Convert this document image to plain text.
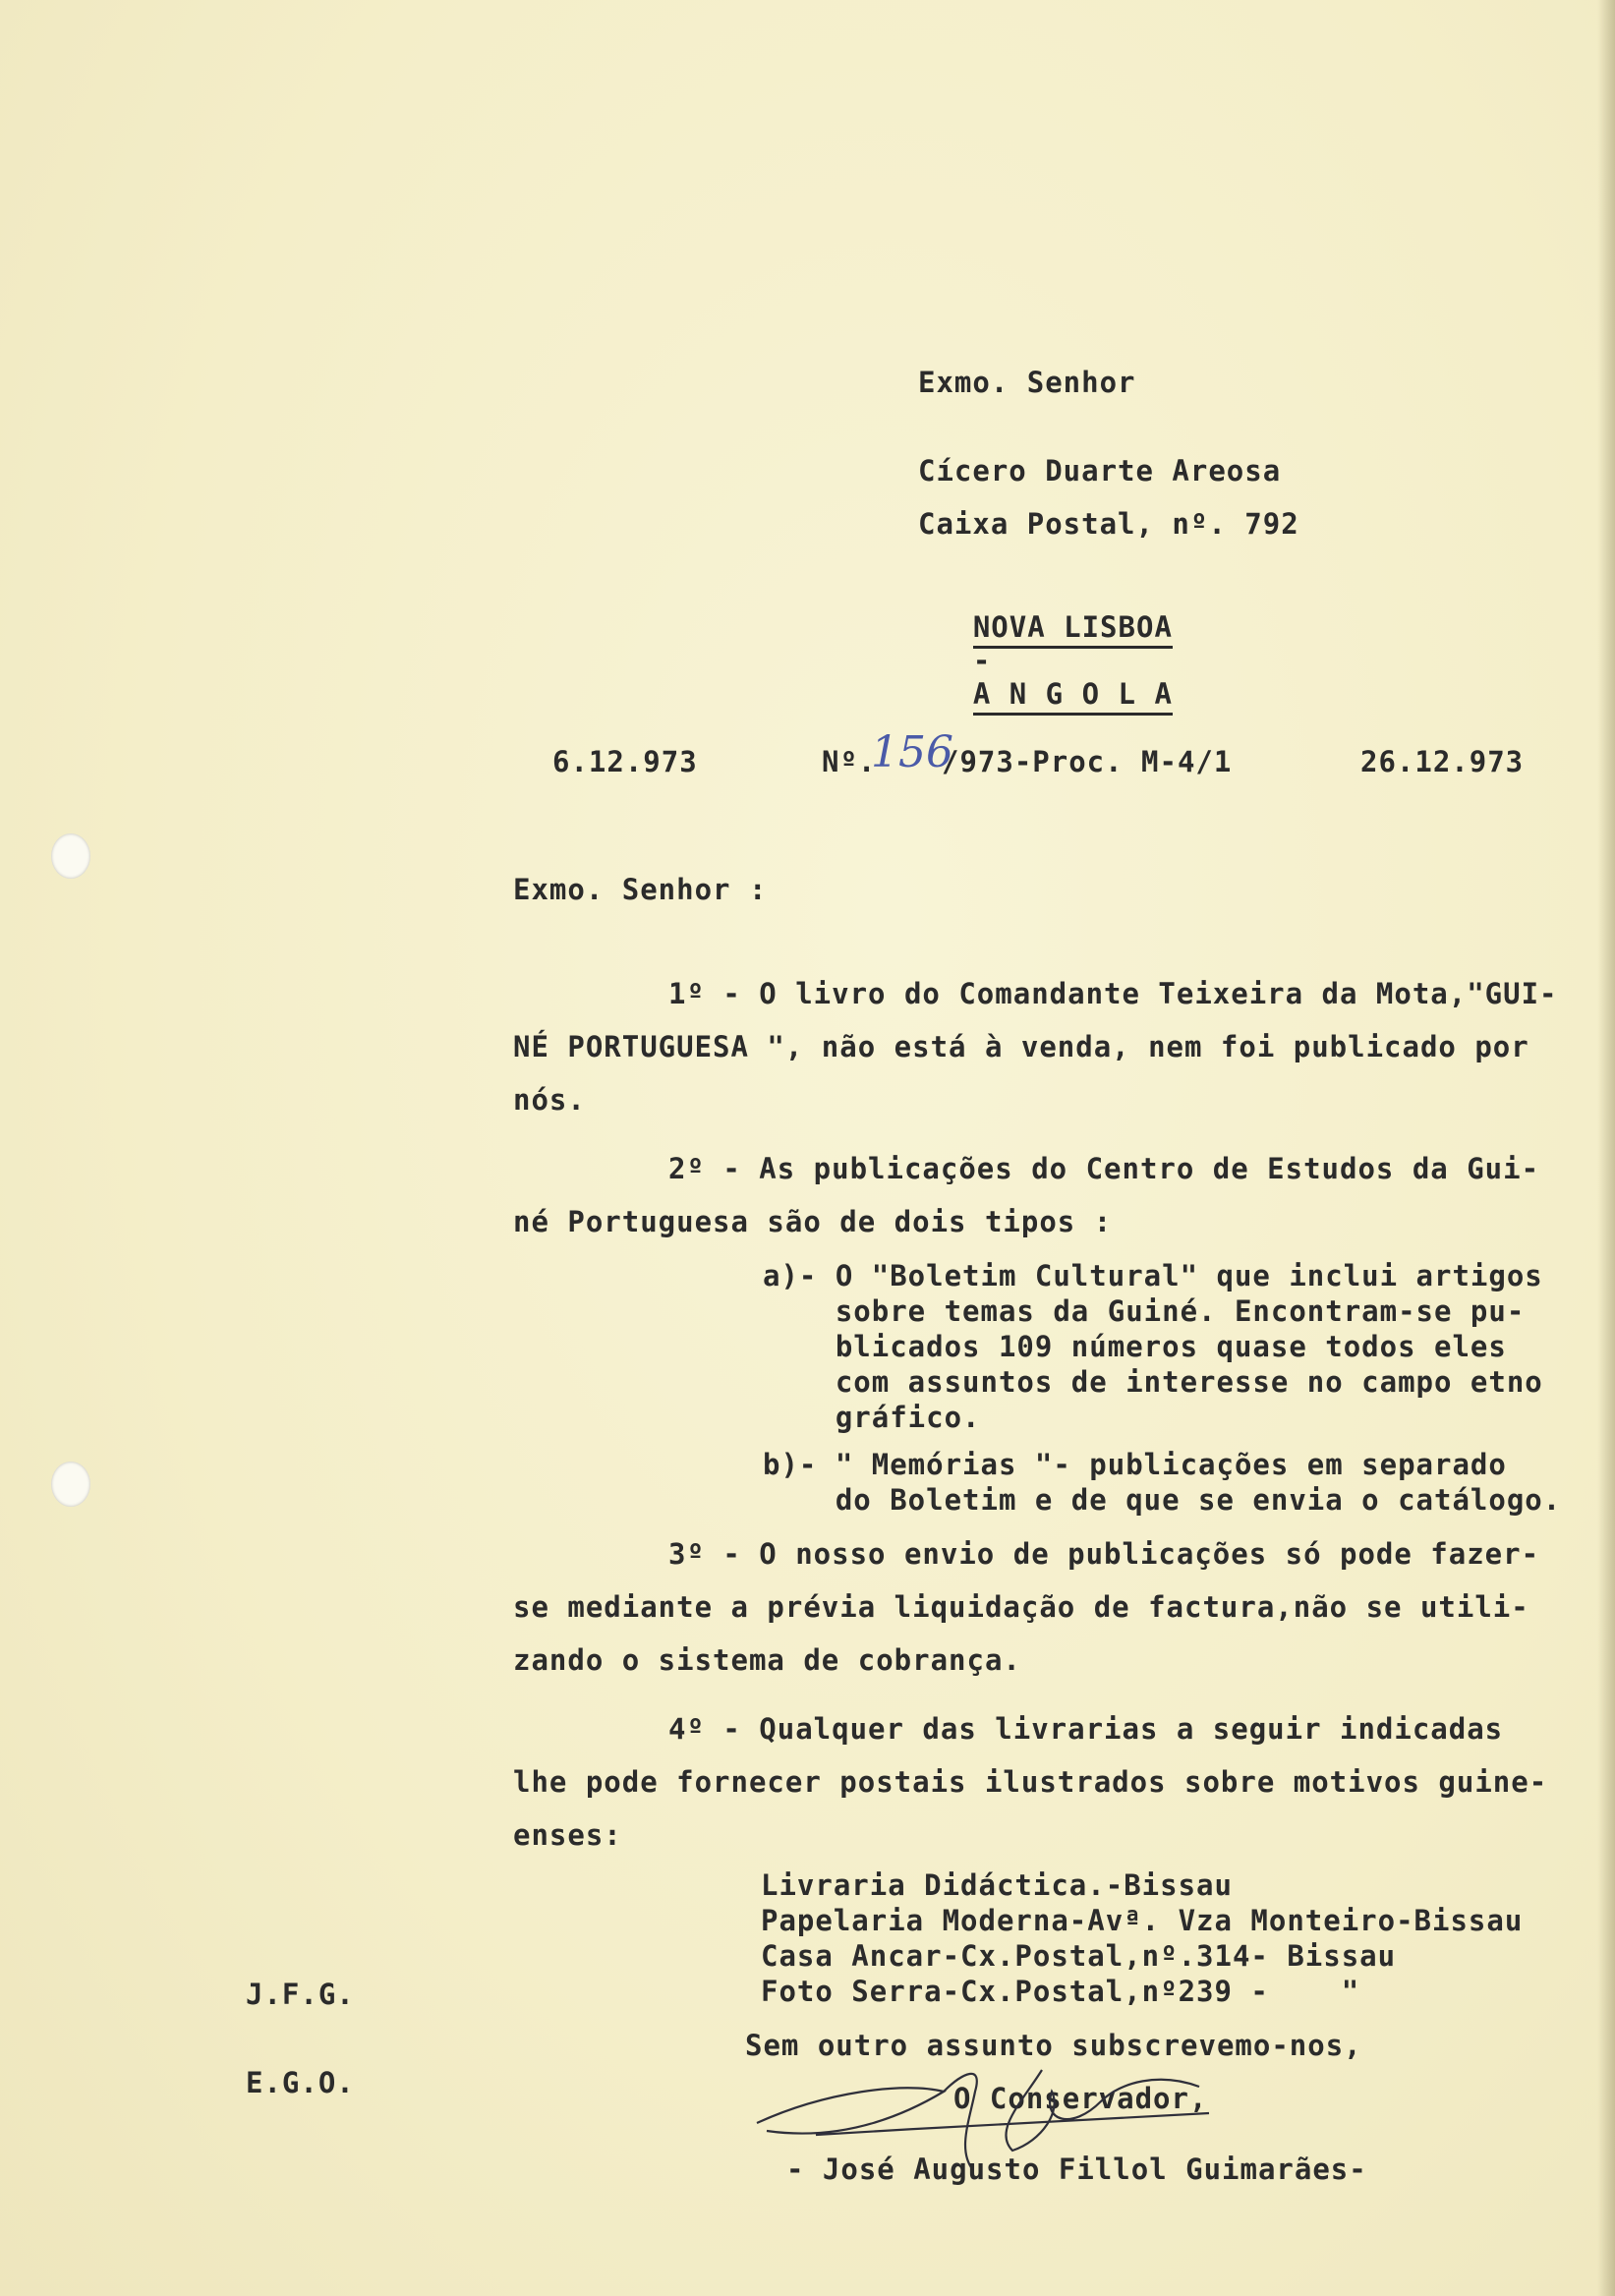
Exmo. Senhor
Cícero Duarte Areosa
Caixa Postal, nº. 792

NOVA LISBOA
-
A N G O L A

6.12.973	Nº.
156
/973-Proc. M-4/1	26.12.973
Exmo. Senhor :
1º - O livro do Comandante Teixeira da Mota,"GUI-
NÉ PORTUGUESA ", não está à venda, nem foi publicado por
nós.
2º - As publicações do Centro de Estudos da Gui-
né Portuguesa são de dois tipos :
a)- O "Boletim Cultural" que inclui artigos
sobre temas da Guiné. Encontram-se pu-
blicados 109 números quase todos eles
com assuntos de interesse no campo etno
gráfico.
b)- " Memórias "- publicações em separado
do Boletim e de que se envia o catálogo.
3º - O nosso envio de publicações só pode fazer-
se mediante a prévia liquidação de factura,não se utili-
zando o sistema de cobrança.
4º - Qualquer das livrarias a seguir indicadas
lhe pode fornecer postais ilustrados sobre motivos guine-
enses:
Livraria Didáctica.-Bissau
Papelaria Moderna-Avª. Vza Monteiro-Bissau
Casa Ancar-Cx.Postal,nº.314- Bissau
Foto Serra-Cx.Postal,nº239 -    "
J.F.G.
E.G.O.
Sem outro assunto subscrevemo-nos,
O Conservador,
- José Augusto Fillol Guimarães-
